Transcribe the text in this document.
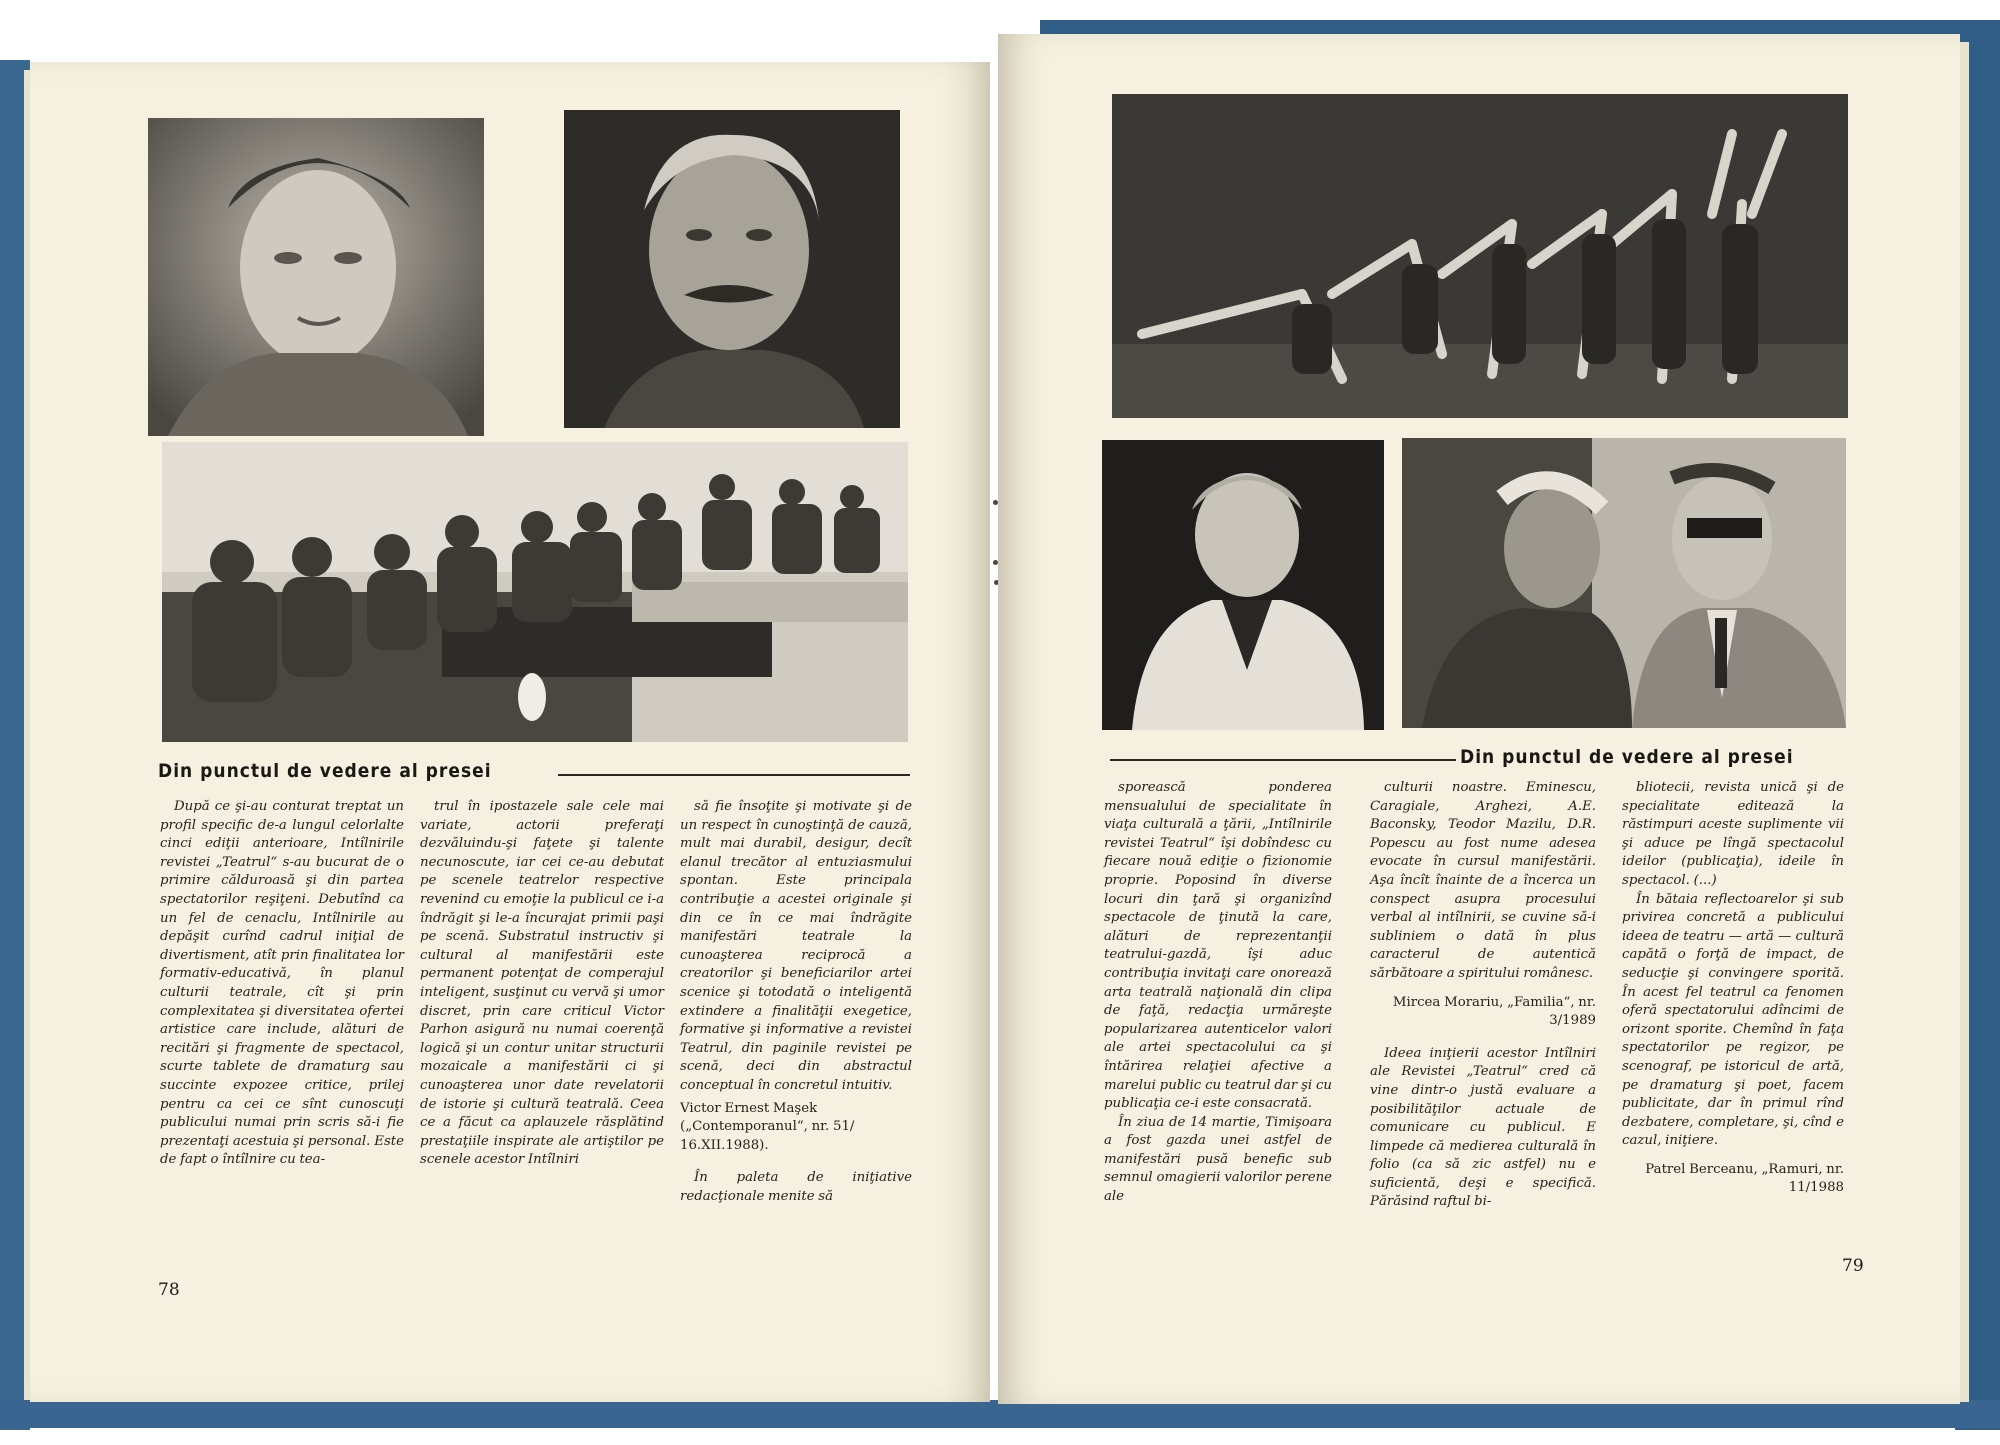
Din punctul de vedere al presei

După ce şi-au conturat treptat un profil specific de-a lungul celorlalte cinci ediţii anterioare, Intîlnirile revistei „Teatrul“ s-au bucurat de o primire călduroasă şi din partea spectatorilor reşiţeni. Debutînd ca un fel de cenaclu, Intîlnirile au depăşit curînd cadrul iniţial de divertisment, atît prin finalitatea lor formativ-educativă, în planul culturii teatrale, cît şi prin complexitatea şi diversitatea ofertei artistice care include, alături de recitări şi fragmente de spectacol, scurte tablete de dramaturg sau succinte expozee critice, prilej pentru ca cei ce sînt cunoscuţi publicului numai prin scris să-i fie prezentaţi acestuia şi personal. Este de fapt o întîlnire cu tea-

trul în ipostazele sale cele mai variate, actorii preferaţi dezvăluindu-şi faţete şi talente necunoscute, iar cei ce-au debutat pe scenele teatrelor respective revenind cu emoţie la publicul ce i-a îndrăgit şi le-a încurajat primii paşi pe scenă. Substratul instructiv şi cultural al manifestării este permanent potenţat de comperajul inteligent, susţinut cu vervă şi umor discret, prin care criticul Victor Parhon asigură nu numai coerenţă logică şi un contur unitar structurii mozaicale a manifestării ci şi cunoaşterea unor date revelatorii de istorie şi cultură teatrală. Ceea ce a făcut ca aplauzele răsplătind prestaţiile inspirate ale artiştilor pe scenele acestor Intîlniri

să fie însoţite şi motivate şi de un respect în cunoştinţă de cauză, mult mai durabil, desigur, decît elanul trecător al entuziasmului spontan. Este principala contribuţie a acestei originale şi din ce în ce mai îndrăgite manifestări teatrale la cunoaşterea reciprocă a creatorilor şi beneficiarilor artei scenice şi totodată o inteligentă extindere a finalităţii exegetice, formative şi informative a revistei Teatrul, din paginile revistei pe scenă, deci din abstractul conceptual în concretul intuitiv.

Victor Ernest Maşek
(„Contemporanul“, nr. 51/ 16.XII.1988).

În paleta de iniţiative redacţionale menite să

78
Din punctul de vedere al presei

sporească ponderea mensualului de specialitate în viaţa culturală a ţării, „Intîlnirile revistei Teatrul“ îşi dobîndesc cu fiecare nouă ediţie o fizionomie proprie. Poposind în diverse locuri din ţară şi organizînd spectacole de ţinută la care, alături de reprezentanţii teatrului-gazdă, îşi aduc contribuţia invitaţi care onorează arta teatrală naţională din clipa de faţă, redacţia urmăreşte popularizarea autenticelor valori ale artei spectacolului ca şi întărirea relaţiei afective a marelui public cu teatrul dar şi cu publicaţia ce-i este consacrată.

În ziua de 14 martie, Timişoara a fost gazda unei astfel de manifestări pusă benefic sub semnul omagierii valorilor perene ale

culturii noastre. Eminescu, Caragiale, Arghezi, A.E. Baconsky, Teodor Mazilu, D.R. Popescu au fost nume adesea evocate în cursul manifestării. Aşa încît înainte de a încerca un conspect asupra procesului verbal al intîlnirii, se cuvine să-i subliniem o dată în plus caracterul de autentică sărbătoare a spiritului românesc.

Mircea Morariu, „Familia“, nr. 3/1989

Ideea inıţierii acestor Intîlniri ale Revistei „Teatrul“ cred că vine dintr-o justă evaluare a posibilităţilor actuale de comunicare cu publicul. E limpede că medierea culturală în folio (ca să zic astfel) nu e suficientă, deşi e specifică. Părăsind raftul bi-

bliotecii, revista unică şi de specialitate editează la răstimpuri aceste suplimente vii şi aduce pe lîngă spectacolul ideilor (publicaţia), ideile în spectacol. (...)

În bătaia reflectoarelor şi sub privirea concretă a publicului ideea de teatru — artă — cultură capătă o forţă de impact, de seducţie şi convingere sporită. În acest fel teatrul ca fenomen oferă spectatorului adîncimi de orizont sporite. Chemînd în faţa spectatorilor pe regizor, pe scenograf, pe istoricul de artă, pe dramaturg şi poet, facem publicitate, dar în primul rînd dezbatere, completare, şi, cînd e cazul, iniţiere.

Patrel Berceanu, „Ramuri, nr. 11/1988
79
